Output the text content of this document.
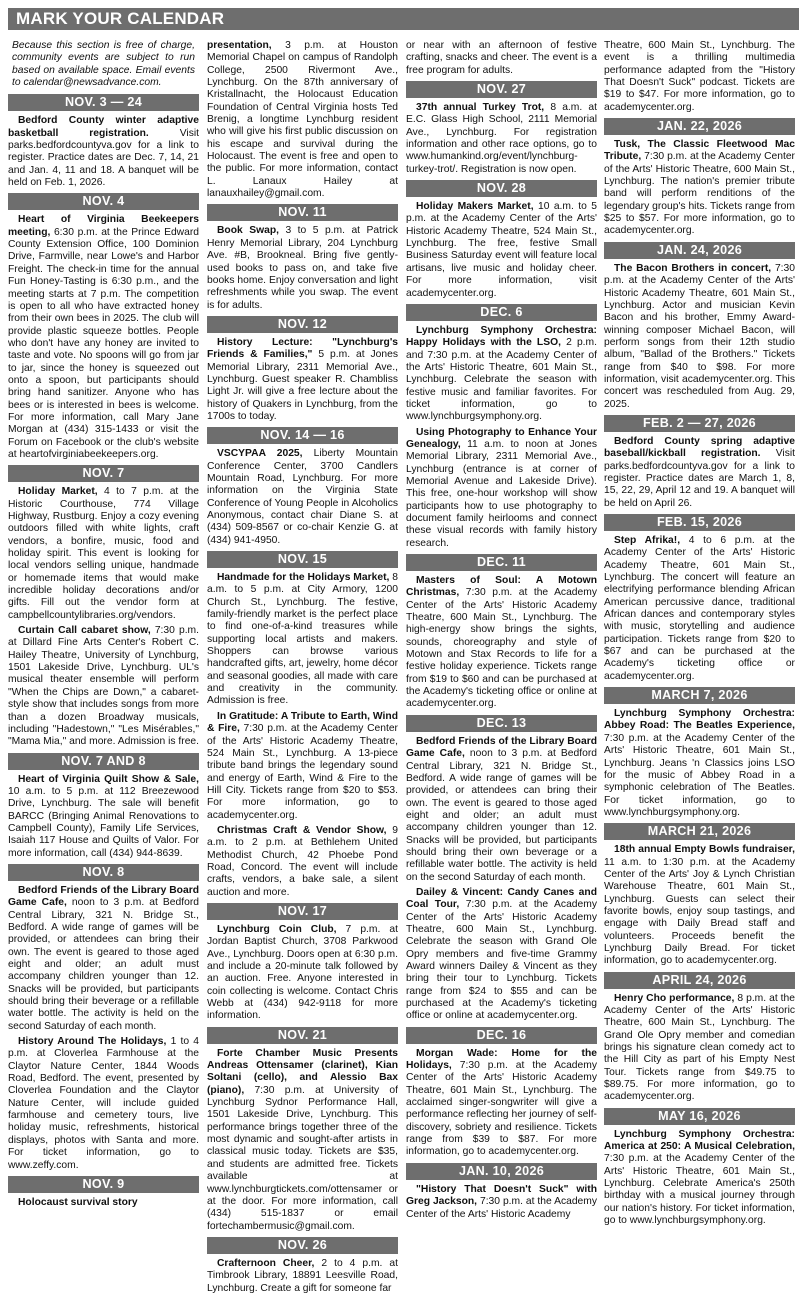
MARK YOUR CALENDAR

Because this section is free of charge, community events are subject to run based on available space. Email events to calendar@newsadvance.com.

NOV. 3 — 24

Bedford County winter adaptive basketball registration. Visit parks.bedfordcountyva.gov for a link to register. Practice dates are Dec. 7, 14, 21 and Jan. 4, 11 and 18. A banquet will be held on Feb. 1, 2026.

NOV. 4

Heart of Virginia Beekeepers meeting, 6:30 p.m. at the Prince Edward County Extension Office, 100 Dominion Drive, Farmville, near Lowe's and Harbor Freight. The check-in time for the annual Fun Honey-Tasting is 6:30 p.m., and the meeting starts at 7 p.m. The competition is open to all who have extracted honey from their own bees in 2025. The club will provide plastic squeeze bottles. People who don't have any honey are invited to taste and vote. No spoons will go from jar to jar, since the honey is squeezed out onto a spoon, but participants should bring hand sanitizer. Anyone who has bees or is interested in bees is welcome. For more information, call Mary Jane Morgan at (434) 315-1433 or visit the Forum on Facebook or the club's website at heartofvirginiabeekeepers.org.

NOV. 7

Holiday Market, 4 to 7 p.m. at the Historic Courthouse, 774 Village Highway, Rustburg. Enjoy a cozy evening outdoors filled with white lights, craft vendors, a bonfire, music, food and holiday spirit. This event is looking for local vendors selling unique, handmade or homemade items that would make incredible holiday decorations and/or gifts. Fill out the vendor form at campbellcountylibraries.org/vendors.

Curtain Call cabaret show, 7:30 p.m. at Dillard Fine Arts Center's Robert C. Hailey Theatre, University of Lynchburg, 1501 Lakeside Drive, Lynchburg. UL's musical theater ensemble will perform "When the Chips are Down," a cabaret-style show that includes songs from more than a dozen Broadway musicals, including "Hadestown," "Les Misérables," "Mama Mia," and more. Admission is free.

NOV. 7 AND 8

Heart of Virginia Quilt Show & Sale, 10 a.m. to 5 p.m. at 112 Breezewood Drive, Lynchburg. The sale will benefit BARCC (Bringing Animal Renovations to Campbell County), Family Life Services, Isaiah 117 House and Quilts of Valor. For more information, call (434) 944-8639.

NOV. 8

Bedford Friends of the Library Board Game Cafe, noon to 3 p.m. at Bedford Central Library, 321 N. Bridge St., Bedford. A wide range of games will be provided, or attendees can bring their own. The event is geared to those aged eight and older; an adult must accompany children younger than 12. Snacks will be provided, but participants should bring their beverage or a refillable water bottle. The activity is held on the second Saturday of each month.

History Around The Holidays, 1 to 4 p.m. at Cloverlea Farmhouse at the Claytor Nature Center, 1844 Woods Road, Bedford. The event, presented by Cloverlea Foundation and the Claytor Nature Center, will include guided farmhouse and cemetery tours, live holiday music, refreshments, historical displays, photos with Santa and more. For ticket information, go to www.zeffy.com.

NOV. 9

Holocaust survival story

presentation, 3 p.m. at Houston Memorial Chapel on campus of Randolph College, 2500 Rivermont Ave., Lynchburg. On the 87th anniversary of Kristallnacht, the Holocaust Education Foundation of Central Virginia hosts Ted Brenig, a longtime Lynchburg resident who will give his first public discussion on his escape and survival during the Holocaust. The event is free and open to the public. For more information, contact L. Lanaux Hailey at lanauxhailey@gmail.com.

NOV. 11

Book Swap, 3 to 5 p.m. at Patrick Henry Memorial Library, 204 Lynchburg Ave. #B, Brookneal. Bring five gently-used books to pass on, and take five books home. Enjoy conversation and light refreshments while you swap. The event is for adults.

NOV. 12

History Lecture: "Lynchburg's Friends & Families," 5 p.m. at Jones Memorial Library, 2311 Memorial Ave., Lynchburg. Guest speaker R. Chambliss Light Jr. will give a free lecture about the history of Quakers in Lynchburg, from the 1700s to today.

NOV. 14 — 16

VSCYPAA 2025, Liberty Mountain Conference Center, 3700 Candlers Mountain Road, Lynchburg. For more information on the Virginia State Conference of Young People in Alcoholics Anonymous, contact chair Diane S. at (434) 509-8567 or co-chair Kenzie G. at (434) 941-4950.

NOV. 15

Handmade for the Holidays Market, 8 a.m. to 5 p.m. at City Armory, 1200 Church St., Lynchburg. The festive, family-friendly market is the perfect place to find one-of-a-kind treasures while supporting local artists and makers. Shoppers can browse various handcrafted gifts, art, jewelry, home décor and seasonal goodies, all made with care and creativity in the community. Admission is free.

In Gratitude: A Tribute to Earth, Wind & Fire, 7:30 p.m. at the Academy Center of the Arts' Historic Academy Theatre, 524 Main St., Lynchburg. A 13-piece tribute band brings the legendary sound and energy of Earth, Wind & Fire to the Hill City. Tickets range from $20 to $53. For more information, go to academycenter.org.

Christmas Craft & Vendor Show, 9 a.m. to 2 p.m. at Bethlehem United Methodist Church, 42 Phoebe Pond Road, Concord. The event will include crafts, vendors, a bake sale, a silent auction and more.

NOV. 17

Lynchburg Coin Club, 7 p.m. at Jordan Baptist Church, 3708 Parkwood Ave., Lynchburg. Doors open at 6:30 p.m. and include a 20-minute talk followed by an auction. Free. Anyone interested in coin collecting is welcome. Contact Chris Webb at (434) 942-9118 for more information.

NOV. 21

Forte Chamber Music Presents Andreas Ottensamer (clarinet), Kian Soltani (cello), and Alessio Bax (piano), 7:30 p.m. at University of Lynchburg Sydnor Performance Hall, 1501 Lakeside Drive, Lynchburg. This performance brings together three of the most dynamic and sought-after artists in classical music today. Tickets are $35, and students are admitted free. Tickets available at www.lynchburgtickets.com/ottensamer or at the door. For more information, call (434) 515-1837 or email fortechambermusic@gmail.com.

NOV. 26

Crafternoon Cheer, 2 to 4 p.m. at Timbrook Library, 18891 Leesville Road, Lynchburg. Create a gift for someone far

or near with an afternoon of festive crafting, snacks and cheer. The event is a free program for adults.

NOV. 27

37th annual Turkey Trot, 8 a.m. at E.C. Glass High School, 2111 Memorial Ave., Lynchburg. For registration information and other race options, go to www.humankind.org/event/lynchburg-turkey-trot/. Registration is now open.

NOV. 28

Holiday Makers Market, 10 a.m. to 5 p.m. at the Academy Center of the Arts' Historic Academy Theatre, 524 Main St., Lynchburg. The free, festive Small Business Saturday event will feature local artisans, live music and holiday cheer. For more information, visit academycenter.org.

DEC. 6

Lynchburg Symphony Orchestra: Happy Holidays with the LSO, 2 p.m. and 7:30 p.m. at the Academy Center of the Arts' Historic Theatre, 601 Main St., Lynchburg. Celebrate the season with festive music and familiar favorites. For ticket information, go to www.lynchburgsymphony.org.

Using Photography to Enhance Your Genealogy, 11 a.m. to noon at Jones Memorial Library, 2311 Memorial Ave., Lynchburg (entrance is at corner of Memorial Avenue and Lakeside Drive). This free, one-hour workshop will show participants how to use photography to document family heirlooms and connect these visual records with family history research.

DEC. 11

Masters of Soul: A Motown Christmas, 7:30 p.m. at the Academy Center of the Arts' Historic Academy Theatre, 600 Main St., Lynchburg. The high-energy show brings the sights, sounds, choreography and style of Motown and Stax Records to life for a festive holiday experience. Tickets range from $19 to $60 and can be purchased at the Academy's ticketing office or online at academycenter.org.

DEC. 13

Bedford Friends of the Library Board Game Cafe, noon to 3 p.m. at Bedford Central Library, 321 N. Bridge St., Bedford. A wide range of games will be provided, or attendees can bring their own. The event is geared to those aged eight and older; an adult must accompany children younger than 12. Snacks will be provided, but participants should bring their own beverage or a refillable water bottle. The activity is held on the second Saturday of each month.

Dailey & Vincent: Candy Canes and Coal Tour, 7:30 p.m. at the Academy Center of the Arts' Historic Academy Theatre, 600 Main St., Lynchburg. Celebrate the season with Grand Ole Opry members and five-time Grammy Award winners Dailey & Vincent as they bring their tour to Lynchburg. Tickets range from $24 to $55 and can be purchased at the Academy's ticketing office or online at academycenter.org.

DEC. 16

Morgan Wade: Home for the Holidays, 7:30 p.m. at the Academy Center of the Arts' Historic Academy Theatre, 601 Main St., Lynchburg. The acclaimed singer-songwriter will give a performance reflecting her journey of self-discovery, sobriety and resilience. Tickets range from $39 to $87. For more information, go to academycenter.org.

JAN. 10, 2026

"History That Doesn't Suck" with Greg Jackson, 7:30 p.m. at the Academy Center of the Arts' Historic Academy

Theatre, 600 Main St., Lynchburg. The event is a thrilling multimedia performance adapted from the "History That Doesn't Suck" podcast. Tickets are $19 to $47. For more information, go to academycenter.org.

JAN. 22, 2026

Tusk, The Classic Fleetwood Mac Tribute, 7:30 p.m. at the Academy Center of the Arts' Historic Theatre, 600 Main St., Lynchburg. The nation's premier tribute band will perform renditions of the legendary group's hits. Tickets range from $25 to $57. For more information, go to academycenter.org.

JAN. 24, 2026

The Bacon Brothers in concert, 7:30 p.m. at the Academy Center of the Arts' Historic Academy Theatre, 601 Main St., Lynchburg. Actor and musician Kevin Bacon and his brother, Emmy Award-winning composer Michael Bacon, will perform songs from their 12th studio album, "Ballad of the Brothers." Tickets range from $40 to $98. For more information, visit academycenter.org. This concert was rescheduled from Aug. 29, 2025.

FEB. 2 — 27, 2026

Bedford County spring adaptive baseball/kickball registration. Visit parks.bedfordcountyva.gov for a link to register. Practice dates are March 1, 8, 15, 22, 29, April 12 and 19. A banquet will be held on April 26.

FEB. 15, 2026

Step Afrika!, 4 to 6 p.m. at the Academy Center of the Arts' Historic Academy Theatre, 601 Main St., Lynchburg. The concert will feature an electrifying performance blending African American percussive dance, traditional African dances and contemporary styles with music, storytelling and audience participation. Tickets range from $20 to $67 and can be purchased at the Academy's ticketing office or academycenter.org.

MARCH 7, 2026

Lynchburg Symphony Orchestra: Abbey Road: The Beatles Experience, 7:30 p.m. at the Academy Center of the Arts' Historic Theatre, 601 Main St., Lynchburg. Jeans 'n Classics joins LSO for the music of Abbey Road in a symphonic celebration of The Beatles. For ticket information, go to www.lynchburgsymphony.org.

MARCH 21, 2026

18th annual Empty Bowls fundraiser, 11 a.m. to 1:30 p.m. at the Academy Center of the Arts' Joy & Lynch Christian Warehouse Theatre, 601 Main St., Lynchburg. Guests can select their favorite bowls, enjoy soup tastings, and engage with Daily Bread staff and volunteers. Proceeds benefit the Lynchburg Daily Bread. For ticket information, go to academycenter.org.

APRIL 24, 2026

Henry Cho performance, 8 p.m. at the Academy Center of the Arts' Historic Theatre, 600 Main St., Lynchburg. The Grand Ole Opry member and comedian brings his signature clean comedy act to the Hill City as part of his Empty Nest Tour. Tickets range from $49.75 to $89.75. For more information, go to academycenter.org.

MAY 16, 2026

Lynchburg Symphony Orchestra: America at 250: A Musical Celebration, 7:30 p.m. at the Academy Center of the Arts' Historic Theatre, 601 Main St., Lynchburg. Celebrate America's 250th birthday with a musical journey through our nation's history. For ticket information, go to www.lynchburgsymphony.org.
